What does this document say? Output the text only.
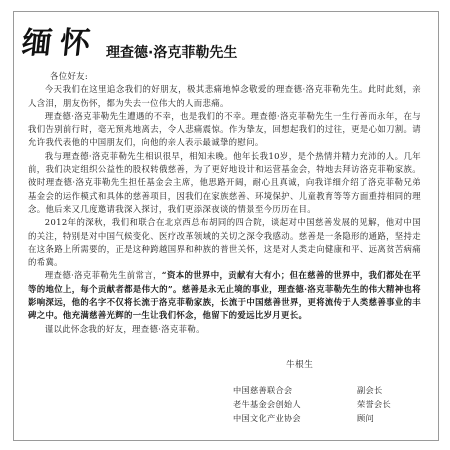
缅怀 理查德·洛克菲勒先生

各位好友:

今天我们在这里追念我们的好朋友，极其悲痛地悼念敬爱的理查德·洛克菲勒先生。此时此刻，亲人含泪，朋友伤怀，都为失去一位伟大的人而悲痛。

理查德·洛克菲勒先生遭遇的不幸，也是我们的不幸。理查德·洛克菲勒先生一生行善而永年，在与我们告别前行时，毫无预兆地离去，令人悲痛震惊。作为挚友，回想起我们的过往，更是心如刀割。请允许我代表他的中国朋友们，向他的亲人表示最诚挚的慰问。

我与理查德·洛克菲勒先生相识很早，相知未晚。他年长我10岁，是个热情并精力充沛的人。几年前，我们决定组织公益性的股权转俄慈善，为了更好地设计和运营基金会，特地去拜访洛克菲勒家族。彼时理查德·洛克菲勒先生担任基金会主席，他思路开阔，耐心且真诚，向我详细介绍了洛克菲勒兄弟基金会的运作模式和具体的慈善项目，因我们在家族慈善、环境保护、儿童教育等等方面重持相同的理念。他后来又几度邀请我深入探讨，我们更添深夜谈的情景至今历历在目。

2012年的深秋，我们和联合在北京西总布胡同的四合院，谈起对中国慈善发展的见解，他对中国的关注，特别是对中国气候变化、医疗改革领域的关切之深令我感动。慈善是一条隐形的通路，坚持走在这条路上所需要的，正是这种跨越国界和种族的普世关怀，这是对人类走向健康和平、远离贫苦病痛的希冀。

理查德·洛克菲勒先生前常言，“资本的世界中，贡献有大有小；但在慈善的世界中，我们都处在平等的地位上，每个贡献者都是伟大的”。慈善是永无止境的事业，理查德·洛克菲勒先生的伟大精神也将影响深远，他的名字不仅将长流于洛克菲勒家族，长流于中国慈善世界，更将流传于人类慈善事业的丰碑之中。他充满慈善光辉的一生让我们怀念，他留下的爱远比岁月更长。

谨以此怀念我的好友，理查德·洛克菲勒。

牛根生
中国慈善联合会	副会长
老牛基金会创始人	荣誉会长
中国文化产业协会	顾问
